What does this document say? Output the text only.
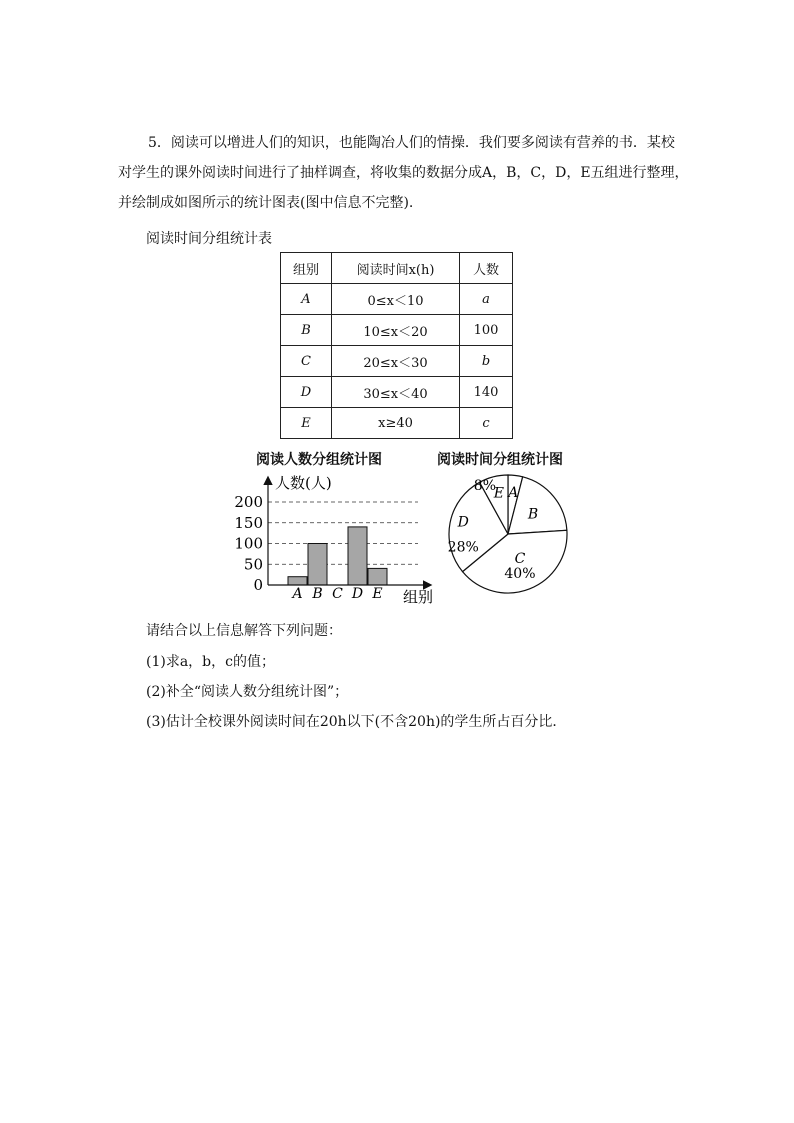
5．阅读可以增进人们的知识，也能陶冶人们的情操．我们要多阅读有营养的书．某校
对学生的课外阅读时间进行了抽样调查，将收集的数据分成A，B，C，D，E五组进行整理，
并绘制成如图所示的统计图表(图中信息不完整).
阅读时间分组统计表
组别	阅读时间x(h)	人数
A	0≤x＜10	a
B	10≤x＜20	100
C	20≤x＜30	b
D	30≤x＜40	140
E	x≥40	c
阅读人数分组统计图	阅读时间分组统计图
0
50
100
150
200
A B C D E
人数(人)
组别
A
B
C
40%
D
28%
E
8%
请结合以上信息解答下列问题：
(1)求a，b，c的值；
(2)补全“阅读人数分组统计图”；
(3)估计全校课外阅读时间在20h以下(不含20h)的学生所占百分比．
